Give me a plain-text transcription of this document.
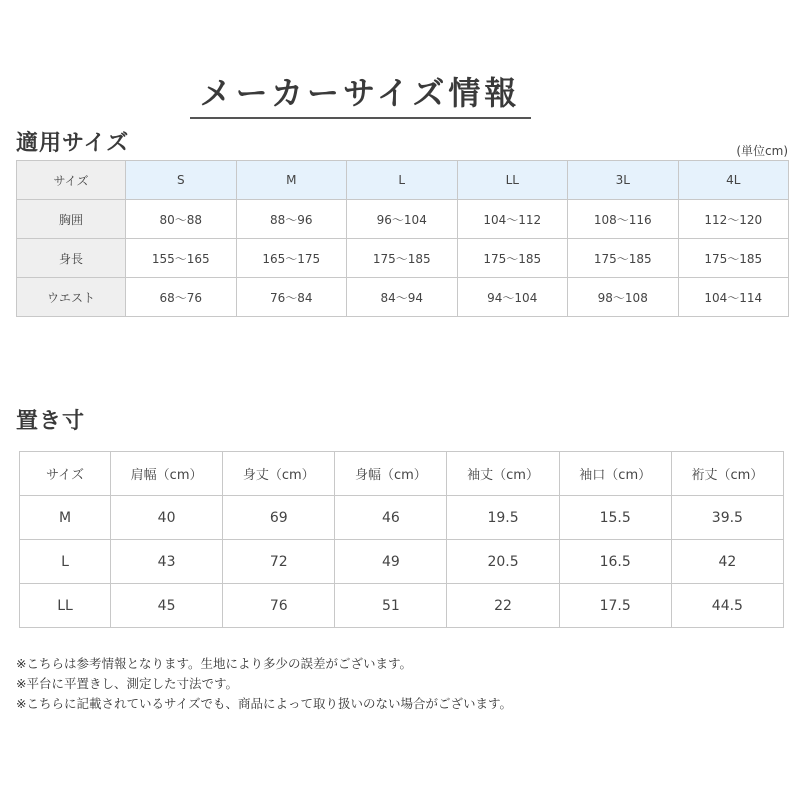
メーカーサイズ情報
適用サイズ	(単位cm)
サイズ	S	M	L	LL	3L	4L
胸囲	80〜88	88〜96	96〜104	104〜112	108〜116	112〜120
身長	155〜165	165〜175	175〜185	175〜185	175〜185	175〜185
ウエスト	68〜76	76〜84	84〜94	94〜104	98〜108	104〜114
置き寸
サイズ	肩幅（cm）	身丈（cm）	身幅（cm）	袖丈（cm）	袖口（cm）	裄丈（cm）
M	40	69	46	19.5	15.5	39.5
L	43	72	49	20.5	16.5	42
LL	45	76	51	22	17.5	44.5
※こちらは参考情報となります。生地により多少の誤差がございます。
※平台に平置きし、測定した寸法です。
※こちらに記載されているサイズでも、商品によって取り扱いのない場合がございます。
